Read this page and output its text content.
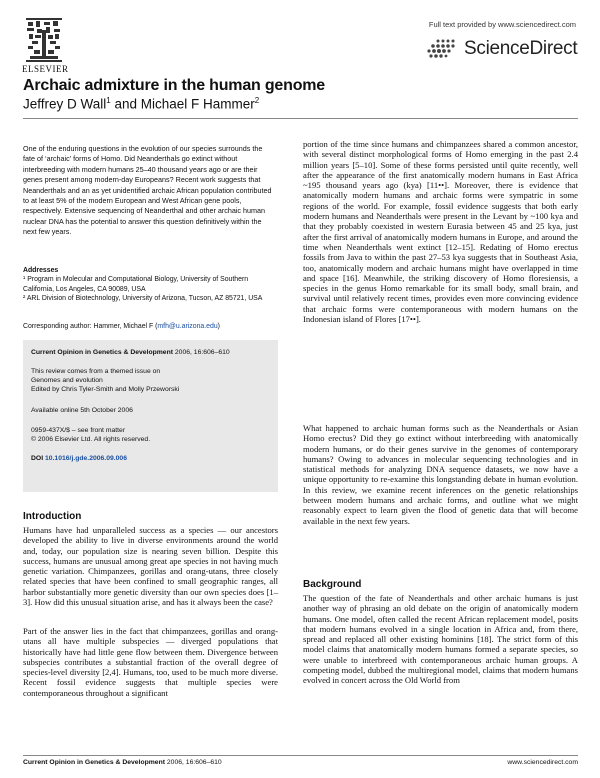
ELSEVIER
Full text provided by www.sciencedirect.com
ScienceDirect
Archaic admixture in the human genome
Jeffrey D Wall$^1$ and Michael F Hammer$^2$
One of the enduring questions in the evolution of our species surrounds the fate of ‘archaic’ forms of Homo. Did Neanderthals go extinct without interbreeding with modern humans 25–40 thousand years ago or are their genes present among modern-day Europeans? Recent work suggests that Neanderthals and an as yet unidentified archaic African population contributed to at least 5% of the modern European and West African gene pools, respectively. Extensive sequencing of Neanderthal and other archaic human nuclear DNA has the potential to answer this question definitively within the next few years.
Addresses
¹ Program in Molecular and Computational Biology, University of Southern California, Los Angeles, CA 90089, USA
² ARL Division of Biotechnology, University of Arizona, Tucson, AZ 85721, USA
Corresponding author: Hammer, Michael F (mfh@u.arizona.edu)
Current Opinion in Genetics & Development 2006, 16:606–610
This review comes from a themed issue on
Genomes and evolution
Edited by Chris Tyler-Smith and Molly Przeworski
Available online 5th October 2006
0959-437X/$ – see front matter
© 2006 Elsevier Ltd. All rights reserved.
DOI 10.1016/j.gde.2006.09.006
Introduction
Humans have had unparalleled success as a species — our ancestors developed the ability to live in diverse environments around the world and, today, our population size is nearing seven billion. Despite this success, humans are unusual among great ape species in not having much genetic variation. Chimpanzees, gorillas and orang-utans, three closely related species that have been confined to small geographic ranges, all harbor substantially more genetic diversity than our own species does [1–3]. How did this unusual situation arise, and has it always been the case?
Part of the answer lies in the fact that chimpanzees, gorillas and orang-utans all have multiple subspecies — diverged populations that historically have had little gene flow between them. Divergence between subspecies contributes a substantial fraction of the overall degree of species-level diversity [2,4]. Humans, too, used to be much more diverse. Recent fossil evidence suggests that multiple species were contemporaneous throughout a significant
portion of the time since humans and chimpanzees shared a common ancestor, with several distinct morphological forms of Homo emerging in the past 2.4 million years [5–10]. Some of these forms persisted until quite recently, well after the appearance of the first anatomically modern humans in East Africa ~195 thousand years ago (kya) [11••]. Moreover, there is evidence that anatomically modern humans and archaic forms were sympatric in some regions of the world. For example, fossil evidence suggests that both early modern humans and Neanderthals were present in the Levant by ~100 kya and that they probably coexisted in western Eurasia between 45 and 25 kya, just after the first arrival of anatomically modern humans in Europe, and around the time when Neanderthals went extinct [12–15]. Redating of Homo erectus fossils from Java to within the past 27–53 kya suggests that in Southeast Asia, too, anatomically modern and archaic humans might have overlapped in time and space [16]. Meanwhile, the striking discovery of Homo floresiensis, a species in the genus Homo remarkable for its small body, small brain, and survival until relatively recent times, provides even more convincing evidence that archaic forms were contemporaneous with modern humans on the Indonesian island of Flores [17••].
What happened to archaic human forms such as the Neanderthals or Asian Homo erectus? Did they go extinct without interbreeding with anatomically modern humans, or do their genes survive in the genomes of contemporary humans? Owing to advances in molecular sequencing technologies and in statistical methods for analyzing DNA sequence datasets, we now have a unique opportunity to re-examine this longstanding debate in human evolution. In this review, we examine recent inferences on the genetic relationships between modern humans and archaic forms, and outline what we might reasonably expect to learn given the flood of genetic data that will become available in the next few years.
Background
The question of the fate of Neanderthals and other archaic humans is just another way of phrasing an old debate on the origin of anatomically modern humans. One model, often called the recent African replacement model, posits that modern humans evolved in a single location in Africa and, from there, spread and replaced all other existing hominins [18]. The strict form of this model claims that anatomically modern humans formed a separate species, so were unable to interbreed with contemporaneous archaic human groups. A competing model, dubbed the multiregional model, claims that modern humans evolved in concert across the Old World from
Current Opinion in Genetics & Development 2006, 16:606–610	www.sciencedirect.com
